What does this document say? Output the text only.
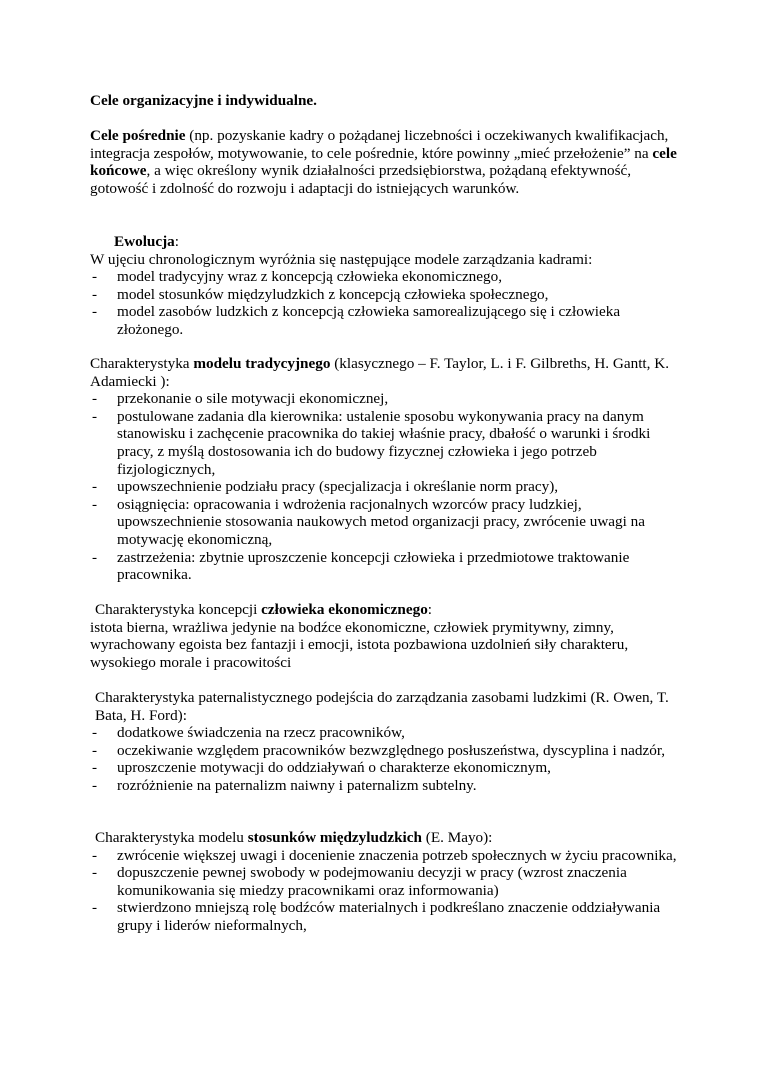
Cele organizacyjne i indywidualne.

Cele pośrednie (np. pozyskanie kadry o pożądanej liczebności i oczekiwanych kwalifikacjach, integracja zespołów, motywowanie, to cele pośrednie, które powinny „mieć przełożenie” na cele końcowe, a więc określony wynik działalności przedsiębiorstwa, pożądaną efektywność, gotowość i zdolność do rozwoju i adaptacji do istniejących warunków.

Ewolucja:

W ujęciu chronologicznym wyróżnia się następujące modele zarządzania kadrami:

- model tradycyjny wraz z koncepcją człowieka ekonomicznego,
- model stosunków międzyludzkich z koncepcją człowieka społecznego,
- model zasobów ludzkich z koncepcją człowieka samorealizującego się i człowieka złożonego.

Charakterystyka modelu tradycyjnego (klasycznego – F. Taylor, L. i F. Gilbreths, H. Gantt, K. Adamiecki ):

- przekonanie o sile motywacji ekonomicznej,
- postulowane zadania dla kierownika: ustalenie sposobu wykonywania pracy na danym stanowisku i zachęcenie pracownika do takiej właśnie pracy, dbałość o warunki i środki pracy, z myślą dostosowania ich do budowy fizycznej człowieka i jego potrzeb fizjologicznych,
- upowszechnienie podziału pracy (specjalizacja i określanie norm pracy),
- osiągnięcia: opracowania i wdrożenia racjonalnych wzorców pracy ludzkiej, upowszechnienie stosowania naukowych metod organizacji pracy, zwrócenie uwagi na motywację ekonomiczną,
- zastrzeżenia: zbytnie uproszczenie koncepcji człowieka i przedmiotowe traktowanie pracownika.

Charakterystyka koncepcji człowieka ekonomicznego:

istota bierna, wrażliwa jedynie na bodźce ekonomiczne, człowiek prymitywny, zimny, wyrachowany egoista bez fantazji i emocji, istota pozbawiona uzdolnień siły charakteru, wysokiego morale i pracowitości

Charakterystyka paternalistycznego podejścia do zarządzania zasobami ludzkimi (R. Owen, T. Bata, H. Ford):

- dodatkowe świadczenia na rzecz pracowników,
- oczekiwanie względem pracowników bezwzględnego posłuszeństwa, dyscyplina i nadzór,
- uproszczenie motywacji do oddziaływań o charakterze ekonomicznym,
- rozróżnienie na paternalizm naiwny i paternalizm subtelny.

Charakterystyka modelu stosunków międzyludzkich (E. Mayo):

- zwrócenie większej uwagi i docenienie znaczenia potrzeb społecznych w życiu pracownika,
- dopuszczenie pewnej swobody w podejmowaniu decyzji w pracy (wzrost znaczenia komunikowania się miedzy pracownikami oraz informowania)
- stwierdzono mniejszą rolę bodźców materialnych i podkreślano znaczenie oddziaływania grupy i liderów nieformalnych,
